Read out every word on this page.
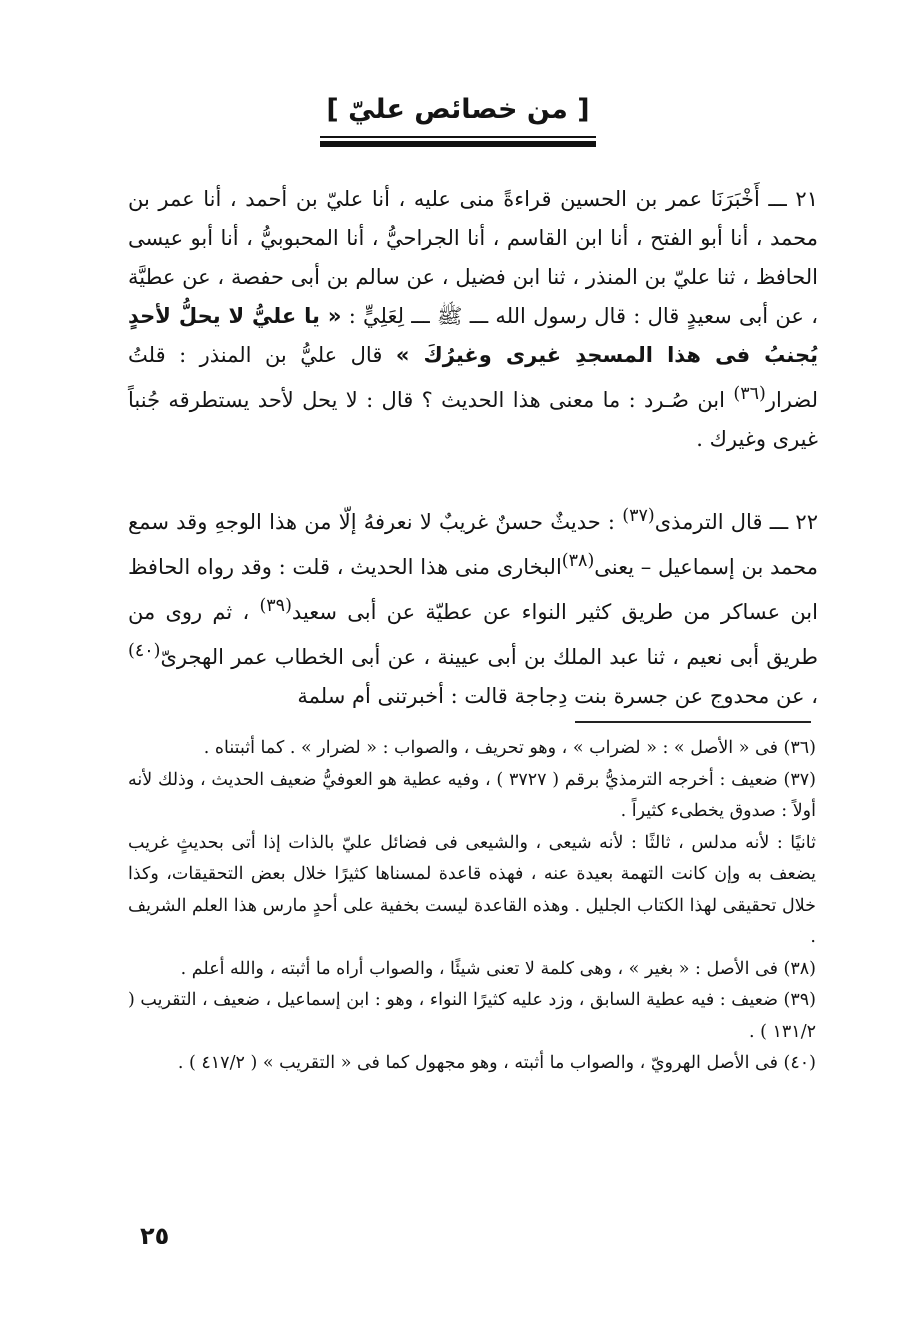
[ من خصائص عليّ ]

٢١ ـــ أَخْبَرَنَا عمر بن الحسين قراءةً منى عليه ، أنا عليّ بن أحمد ، أنا عمر بن محمد ، أنا أبو الفتح ، أنا ابن القاسم ، أنا الجراحيُّ ، أنا المحبوبيُّ ، أنا أبو عيسى الحافظ ، ثنا عليّ بن المنذر ، ثنا ابن فضيل ، عن سالم بن أبى حفصة ، عن عطيَّة ، عن أبى سعيدٍ قال : قال رسول الله ـــ ﷺ ـــ لِعَلِيٍّ : « يا عليُّ لا يحلُّ لأحدٍ يُجنبُ فى هذا المسجدِ غيرى وغيرُكَ » قال عليُّ بن المنذر : قلتُ لضرار$^{(٣٦)}$ ابن صُـرد : ما معنى هذا الحديث ؟ قال : لا يحل لأحد يستطرقه جُنباً غيرى وغيرك .

٢٢ ـــ قال الترمذى$^{(٣٧)}$ : حديثٌ حسنٌ غريبٌ لا نعرفهُ إلّا من هذا الوجهِ وقد سمع محمد بن إسماعيل – يعنى$^{(٣٨)}$البخارى منى هذا الحديث ، قلت : وقد رواه الحافظ ابن عساكر من طريق كثير النواء عن عطيّة عن أبى سعيد$^{(٣٩)}$ ، ثم روى من طريق أبى نعيم ، ثنا عبد الملك بن أبى عيينة ، عن أبى الخطاب عمر الهجرىّ$^{(٤٠)}$ ، عن محدوج عن جسرة بنت دِجاجة قالت : أخبرتنى أم سلمة

(٣٦) فى « الأصل » : « لضراب » ، وهو تحريف ، والصواب : « لضرار » . كما أثبتناه .

(٣٧) ضعيف : أخرجه الترمذيُّ برقم ( ٣٧٢٧ ) ، وفيه عطية هو العوفيُّ ضعيف الحديث ، وذلك لأنه أولاً : صدوق يخطىء كثيراً .

ثانيًا : لأنه مدلس ، ثالثًا : لأنه شيعى ، والشيعى فى فضائل عليّ بالذات إذا أتى بحديثٍ غريب يضعف به وإن كانت التهمة بعيدة عنه ، فهذه قاعدة لمسناها كثيرًا خلال بعض التحقيقات، وكذا خلال تحقيقى لهذا الكتاب الجليل . وهذه القاعدة ليست بخفية على أحدٍ مارس هذا العلم الشريف .

(٣٨) فى الأصل : « بغير » ، وهى كلمة لا تعنى شيئًا ، والصواب أراه ما أثبته ، والله أعلم .

(٣٩) ضعيف : فيه عطية السابق ، وزد عليه كثيرًا النواء ، وهو : ابن إسماعيل ، ضعيف ، التقريب ( ١٣١/٢ ) .

(٤٠) فى الأصل الهرويّ ، والصواب ما أثبته ، وهو مجهول كما فى « التقريب » ( ٤١٧/٢ ) .

٢٥
